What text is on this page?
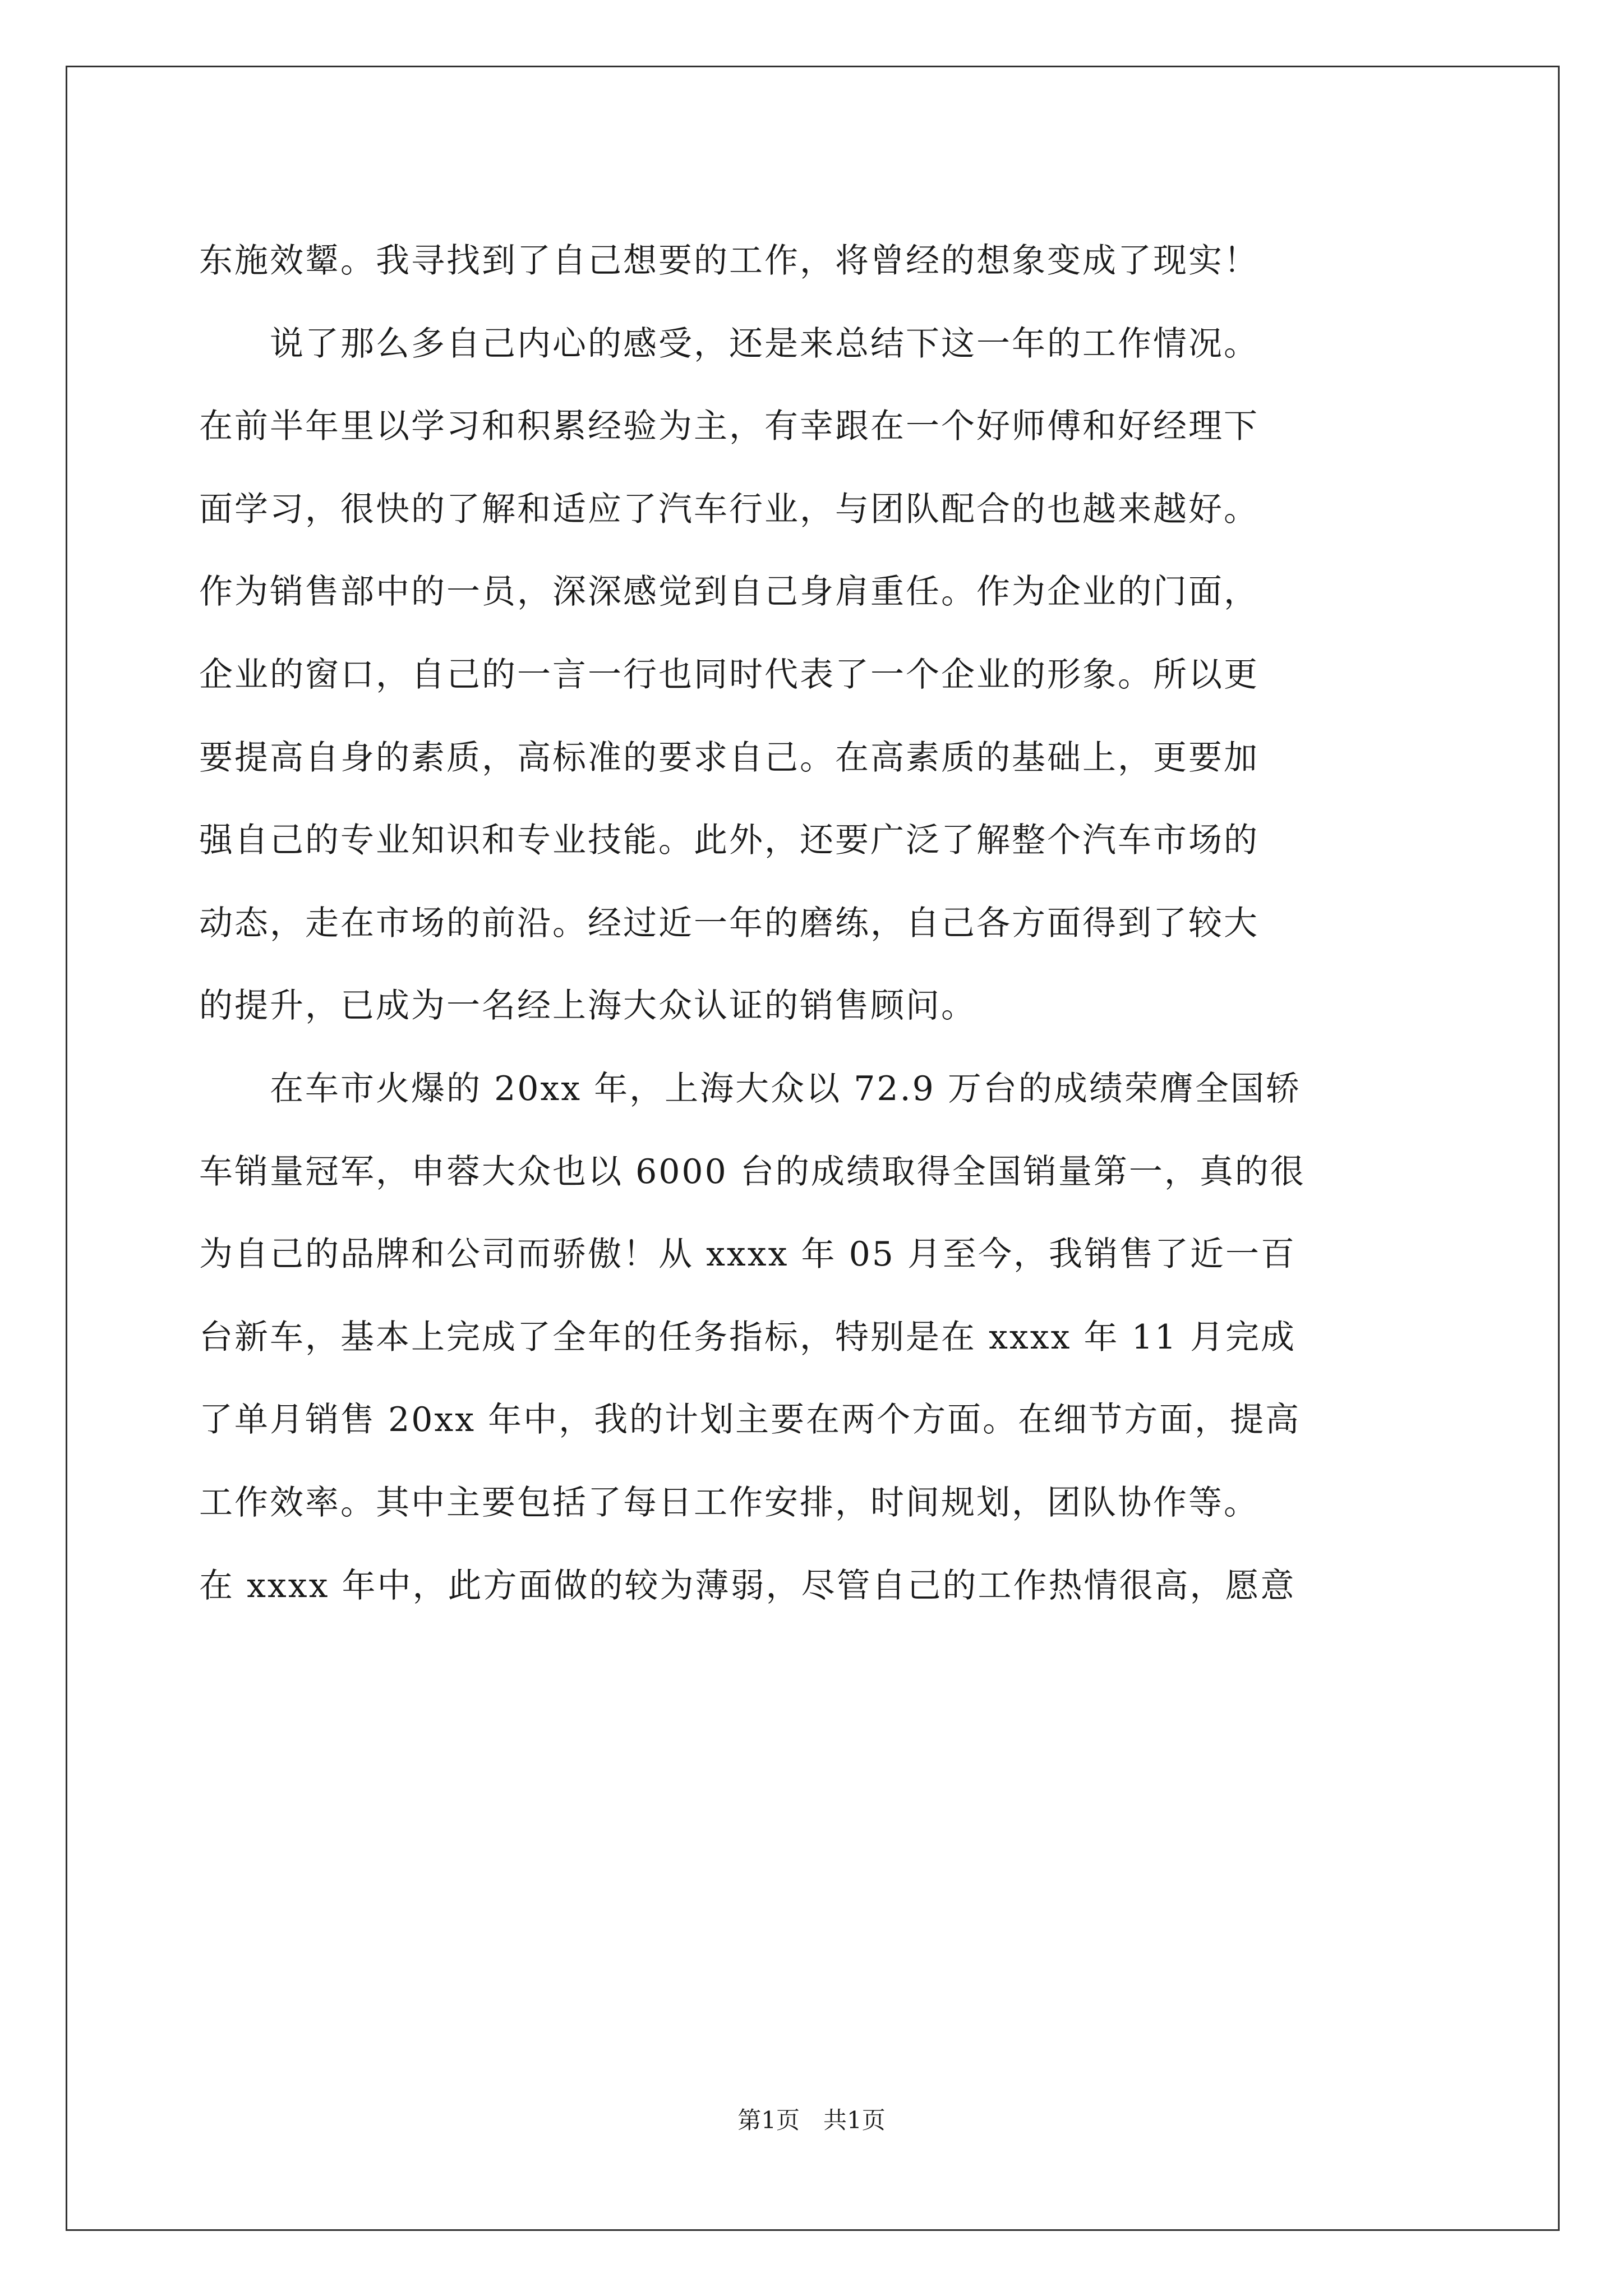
东施效颦。我寻找到了自己想要的工作，将曾经的想象变成了现实！
　　说了那么多自己内心的感受，还是来总结下这一年的工作情况。
在前半年里以学习和积累经验为主，有幸跟在一个好师傅和好经理下
面学习，很快的了解和适应了汽车行业，与团队配合的也越来越好。
作为销售部中的一员，深深感觉到自己身肩重任。作为企业的门面，
企业的窗口，自己的一言一行也同时代表了一个企业的形象。所以更
要提高自身的素质，高标准的要求自己。在高素质的基础上，更要加
强自己的专业知识和专业技能。此外，还要广泛了解整个汽车市场的
动态，走在市场的前沿。经过近一年的磨练，自己各方面得到了较大
的提升，已成为一名经上海大众认证的销售顾问。
　　在车市火爆的 20xx 年，上海大众以 72.9 万台的成绩荣膺全国轿
车销量冠军，申蓉大众也以 6000 台的成绩取得全国销量第一，真的很
为自己的品牌和公司而骄傲！从 xxxx 年 05 月至今，我销售了近一百
台新车，基本上完成了全年的任务指标，特别是在 xxxx 年 11 月完成
了单月销售 20xx 年中，我的计划主要在两个方面。在细节方面，提高
工作效率。其中主要包括了每日工作安排，时间规划，团队协作等。
在 xxxx 年中，此方面做的较为薄弱，尽管自己的工作热情很高，愿意
第1页　共1页
